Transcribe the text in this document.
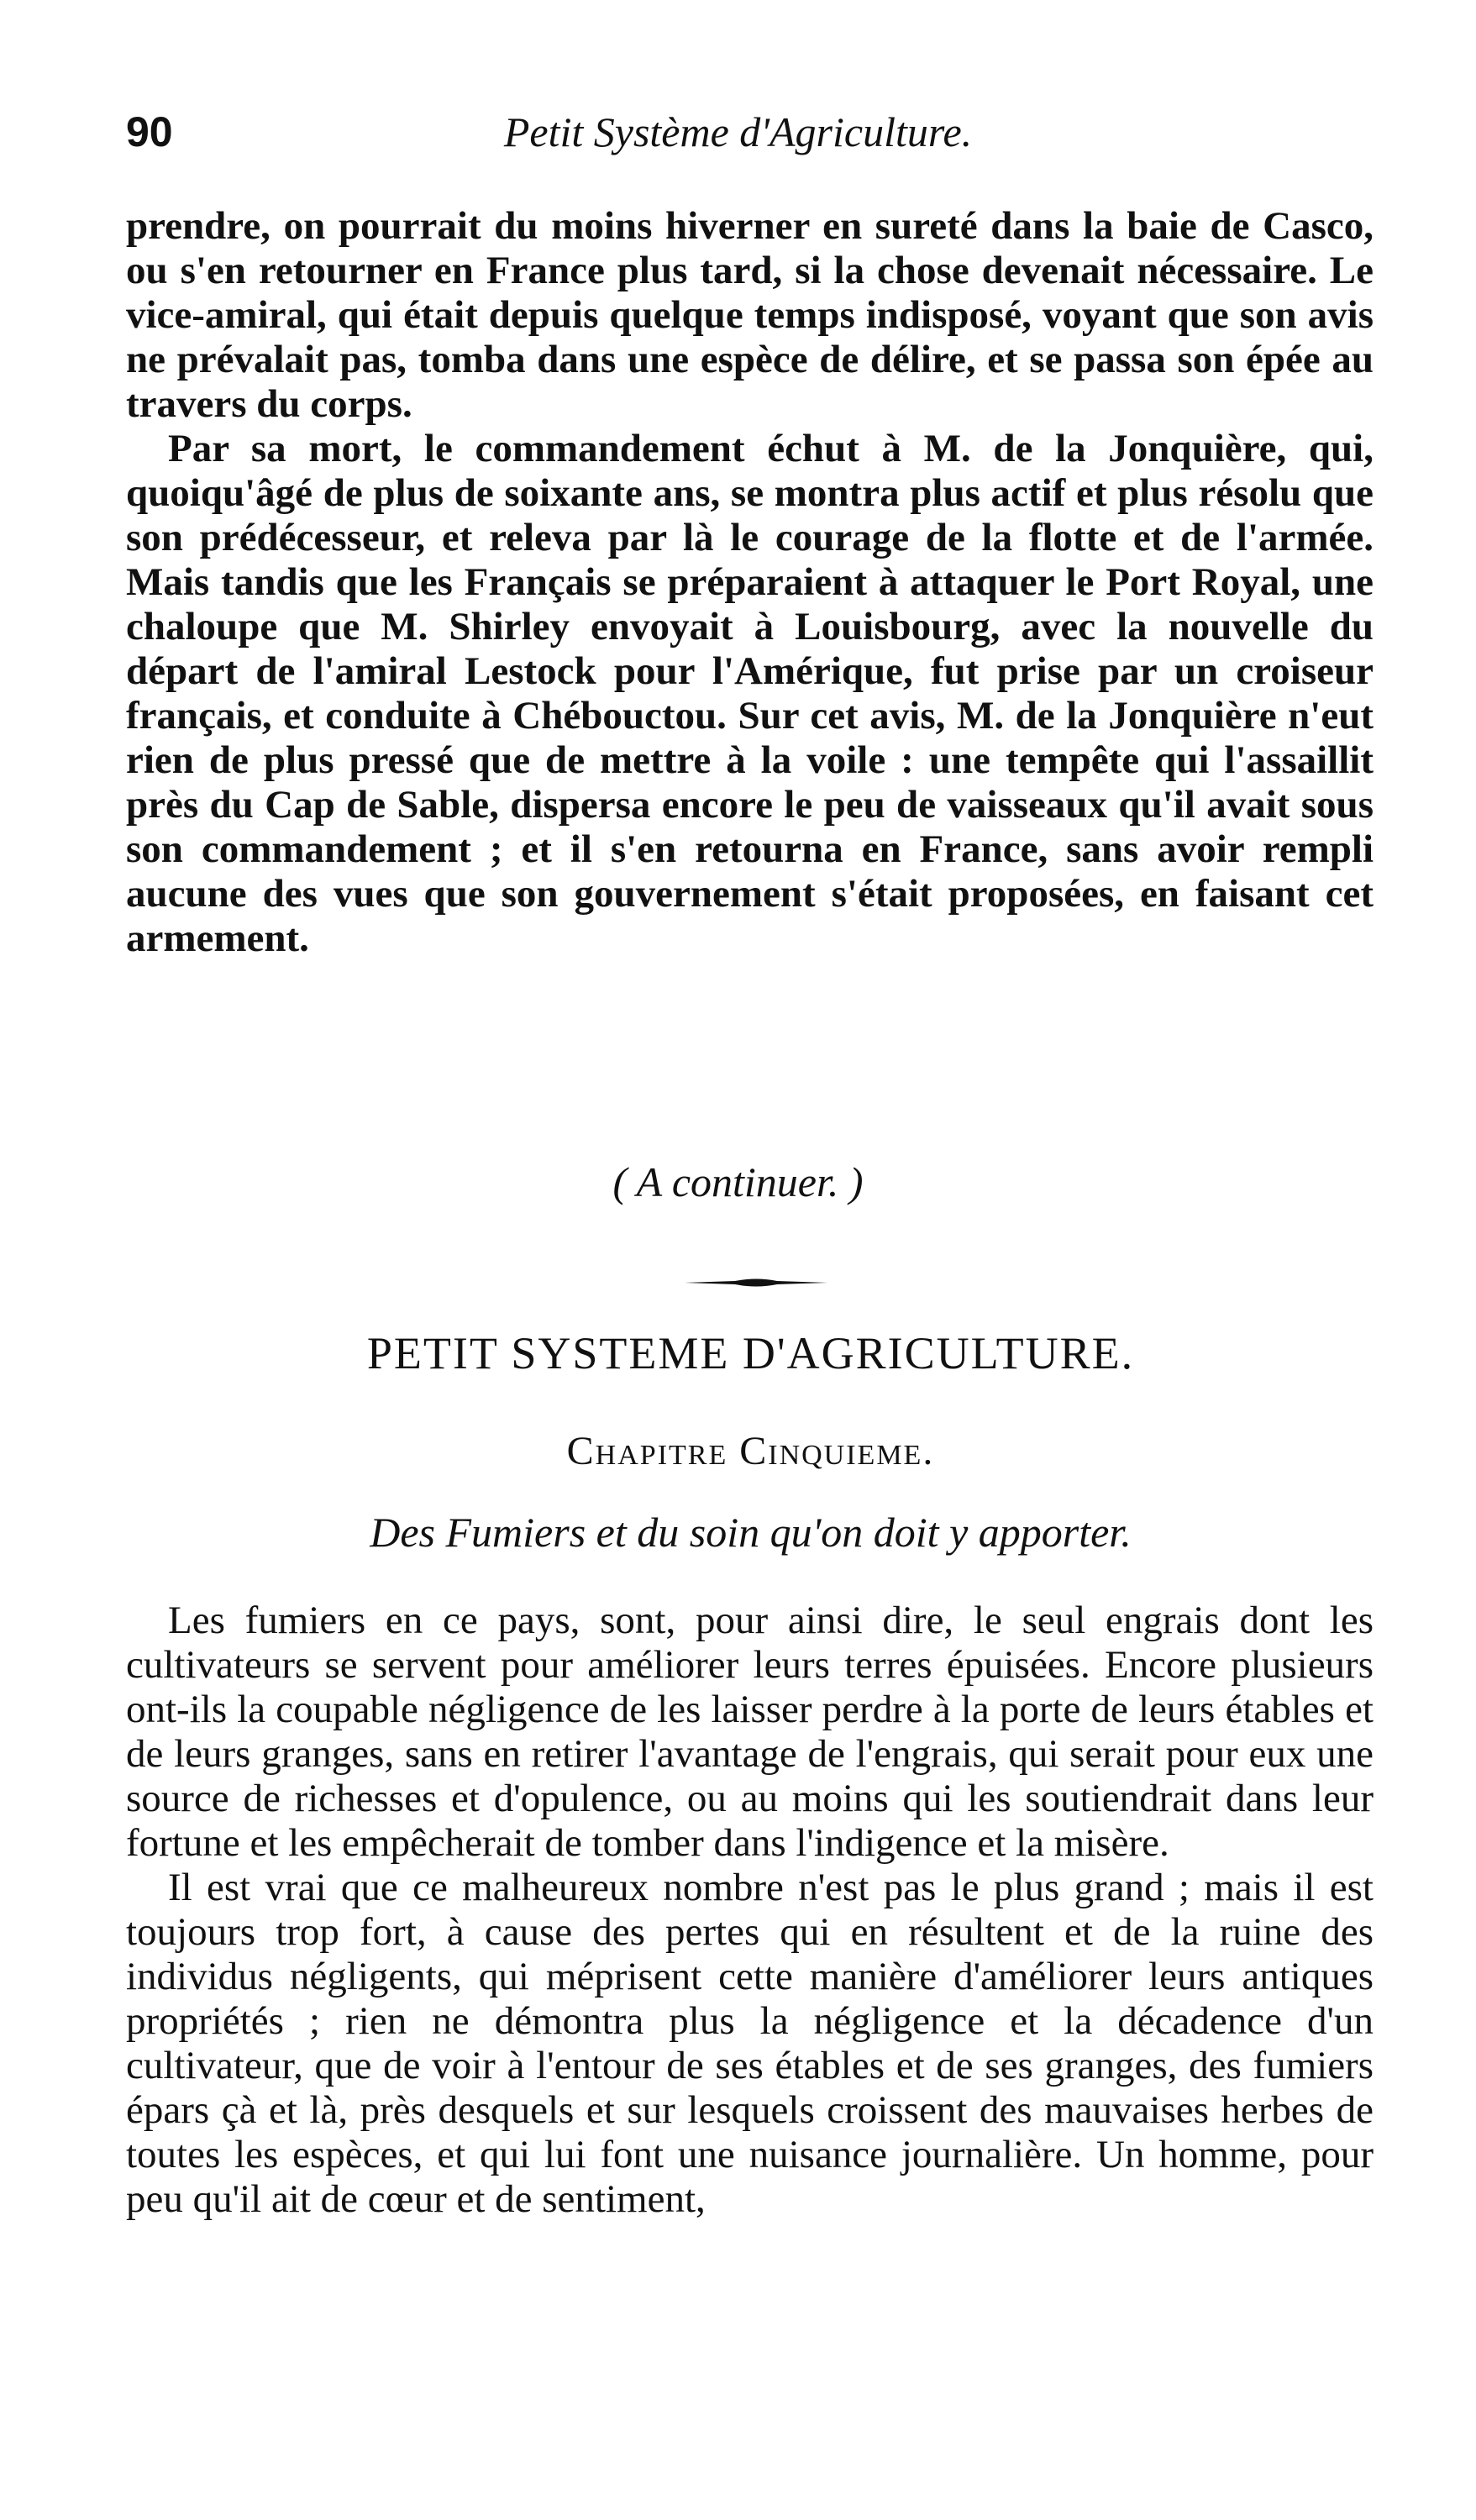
90	Petit Système d'Agriculture.

prendre, on pourrait du moins hiverner en sureté dans la baie de Casco, ou s'en retourner en France plus tard, si la chose devenait nécessaire. Le vice-amiral, qui était depuis quelque temps indisposé, voyant que son avis ne prévalait pas, tomba dans une espèce de délire, et se passa son épée au travers du corps.

Par sa mort, le commandement échut à M. de la Jonquière, qui, quoiqu'âgé de plus de soixante ans, se montra plus actif et plus résolu que son prédécesseur, et releva par là le courage de la flotte et de l'armée. Mais tandis que les Français se préparaient à attaquer le Port Royal, une chaloupe que M. Shirley envoyait à Louisbourg, avec la nouvelle du départ de l'amiral Lestock pour l'Amérique, fut prise par un croiseur français, et conduite à Chébouctou. Sur cet avis, M. de la Jonquière n'eut rien de plus pressé que de mettre à la voile : une tempête qui l'assaillit près du Cap de Sable, dispersa encore le peu de vaisseaux qu'il avait sous son commandement ; et il s'en retourna en France, sans avoir rempli aucune des vues que son gouvernement s'était proposées, en faisant cet armement.

( A continuer. )
PETIT SYSTEME D'AGRICULTURE.
Chapitre Cinquieme.
Des Fumiers et du soin qu'on doit y apporter.

Les fumiers en ce pays, sont, pour ainsi dire, le seul engrais dont les cultivateurs se servent pour améliorer leurs terres épuisées. Encore plusieurs ont-ils la coupable négligence de les laisser perdre à la porte de leurs étables et de leurs granges, sans en retirer l'avantage de l'engrais, qui serait pour eux une source de richesses et d'opulence, ou au moins qui les soutiendrait dans leur fortune et les empêcherait de tomber dans l'indigence et la misère.

Il est vrai que ce malheureux nombre n'est pas le plus grand ; mais il est toujours trop fort, à cause des pertes qui en résultent et de la ruine des individus négligents, qui méprisent cette manière d'améliorer leurs antiques propriétés ; rien ne démontra plus la négligence et la décadence d'un cultivateur, que de voir à l'entour de ses étables et de ses granges, des fumiers épars çà et là, près desquels et sur lesquels croissent des mauvaises herbes de toutes les espèces, et qui lui font une nuisance journalière. Un homme, pour peu qu'il ait de cœur et de sentiment,
